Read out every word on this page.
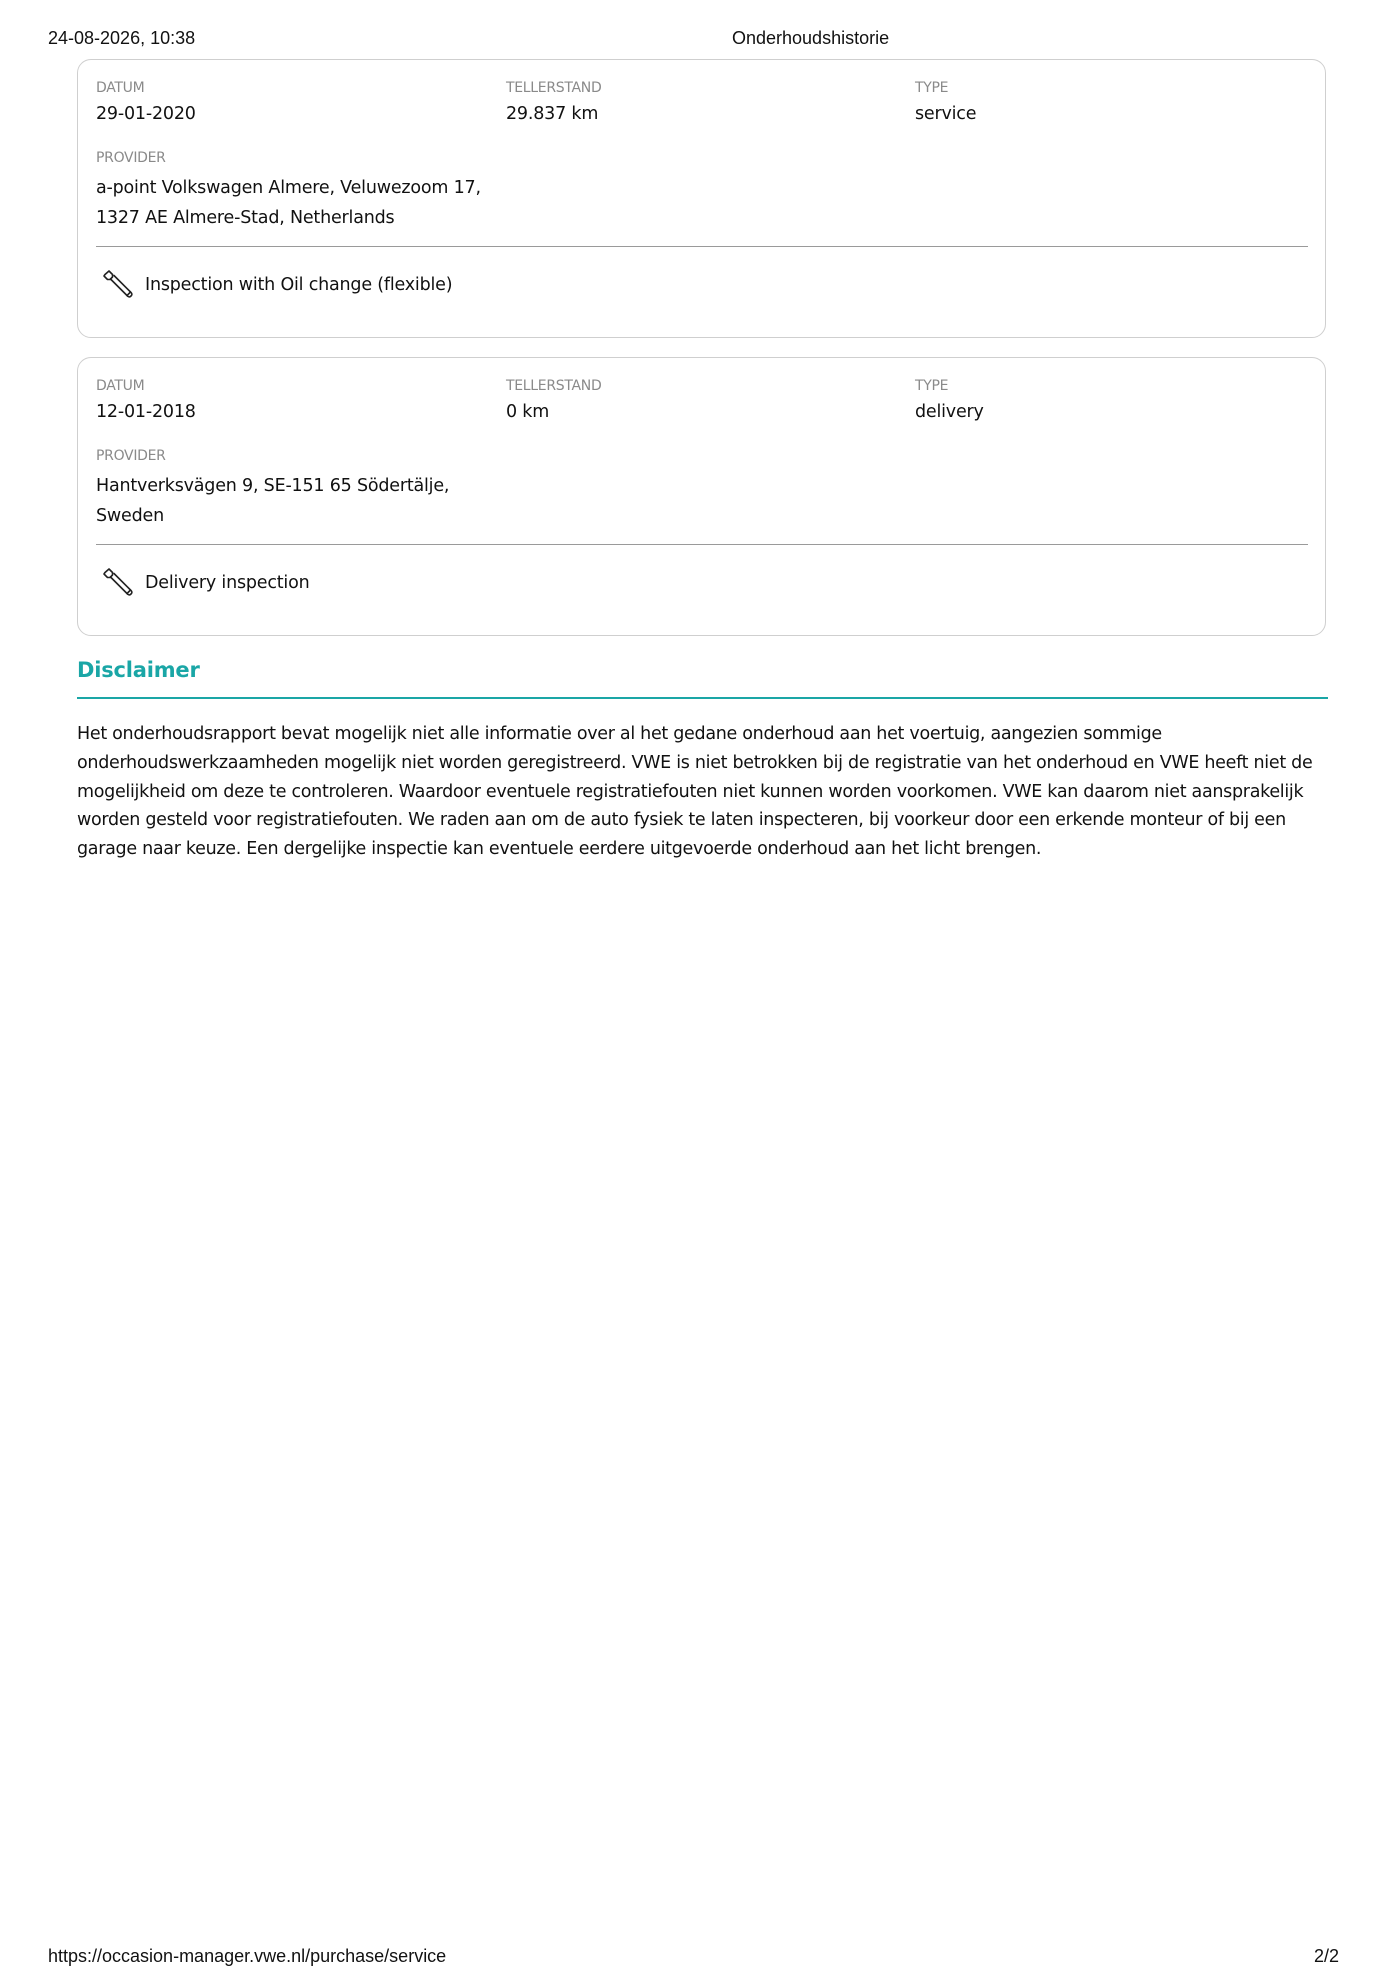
24-08-2026, 10:38	Onderhoudshistorie
DATUM
29-01-2020
TELLERSTAND
29.837 km
TYPE
service
PROVIDER
a-point Volkswagen Almere, Veluwezoom 17, 1327 AE Almere-Stad, Netherlands
Inspection with Oil change (flexible)
DATUM
12-01-2018
TELLERSTAND
0 km
TYPE
delivery
PROVIDER
Hantverksvägen 9, SE-151 65 Södertälje, Sweden
Delivery inspection
Disclaimer
Het onderhoudsrapport bevat mogelijk niet alle informatie over al het gedane onderhoud aan het voertuig, aangezien sommige onderhoudswerkzaamheden mogelijk niet worden geregistreerd. VWE is niet betrokken bij de registratie van het onderhoud en VWE heeft niet de mogelijkheid om deze te controleren. Waardoor eventuele registratiefouten niet kunnen worden voorkomen. VWE kan daarom niet aansprakelijk worden gesteld voor registratiefouten. We raden aan om de auto fysiek te laten inspecteren, bij voorkeur door een erkende monteur of bij een garage naar keuze. Een dergelijke inspectie kan eventuele eerdere uitgevoerde onderhoud aan het licht brengen.
https://occasion-manager.vwe.nl/purchase/service	2/2
